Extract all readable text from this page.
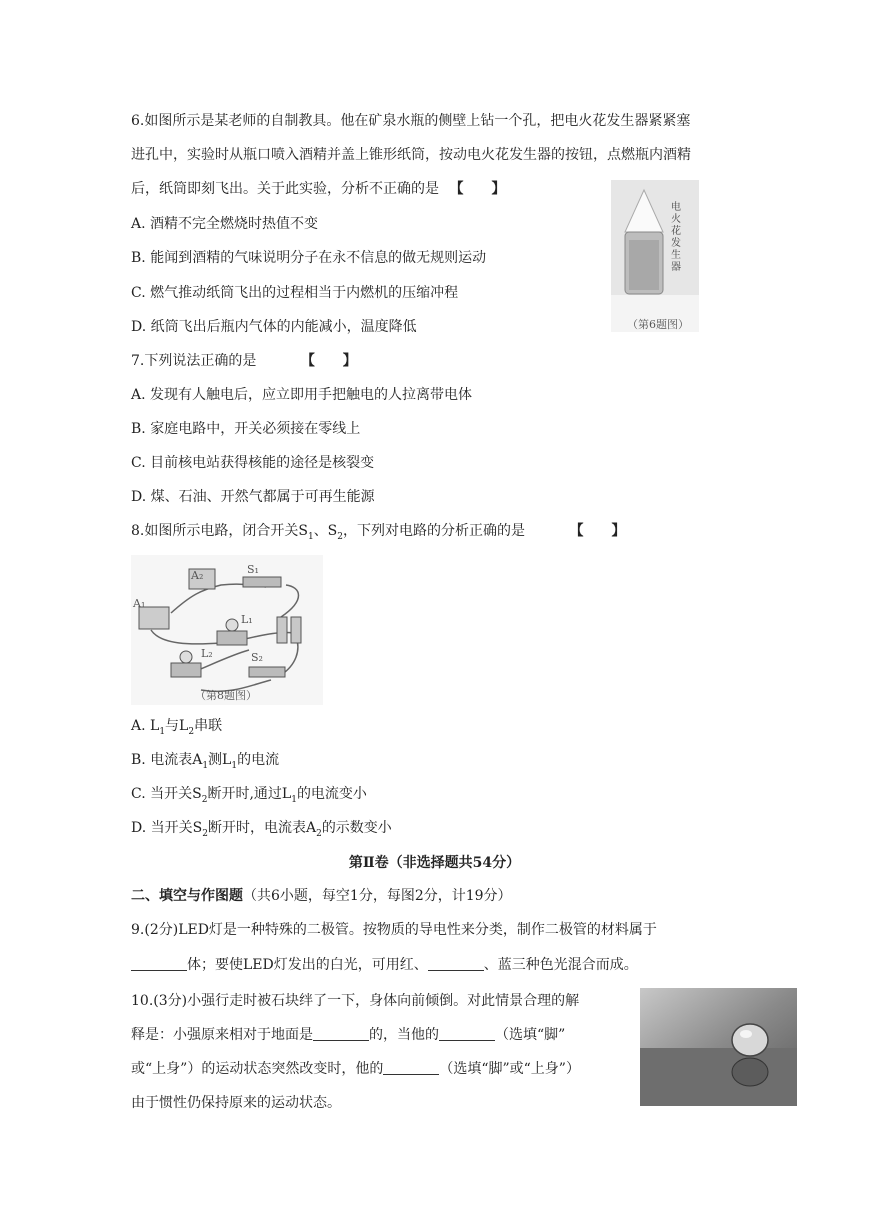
6.如图所示是某老师的自制教具。他在矿泉水瓶的侧壁上钻一个孔，把电火花发生器紧紧塞
进孔中，实验时从瓶口喷入酒精并盖上锥形纸筒，按动电火花发生器的按钮，点燃瓶内酒精
后，纸筒即刻飞出。关于此实验，分析不正确的是 【　　】
A. 酒精不完全燃烧时热值不变
B. 能闻到酒精的气味说明分子在永不信息的做无规则运动
C. 燃气推动纸筒飞出的过程相当于内燃机的压缩冲程
D. 纸筒飞出后瓶内气体的内能减小，温度降低
电火花发生器
（第6题图）
7.下列说法正确的是	【　　】
A. 发现有人触电后，应立即用手把触电的人拉离带电体
B. 家庭电路中，开关必须接在零线上
C. 目前核电站获得核能的途径是核裂变
D. 煤、石油、开然气都属于可再生能源
8.如图所示电路，闭合开关$S_1$、$S_2$，下列对电路的分析正确的是	【　　】
A₂
A₁
S₁
L₁
L₂	S₂
（第8题图）
A. $L_1$与$L_2$串联
B. 电流表$A_1$测$L_1$的电流
C. 当开关$S_2$断开时,通过$L_1$的电流变小
D. 当开关$S_2$断开时，电流表$A_2$的示数变小
第Ⅱ卷（非选择题共54分）
二、填空与作图题（共6小题，每空1分，每图2分，计19分）
9.(2分)LED灯是一种特殊的二极管。按物质的导电性来分类，制作二极管的材料属于
体；要使LED灯发出的白光，可用红、	、蓝三种色光混合而成。
10.(3分)小强行走时被石块绊了一下，身体向前倾倒。对此情景合理的解
释是：小强原来相对于地面是	的，当他的	（选填“脚”
或“上身”）的运动状态突然改变时，他的	（选填“脚”或“上身”）
由于惯性仍保持原来的运动状态。
